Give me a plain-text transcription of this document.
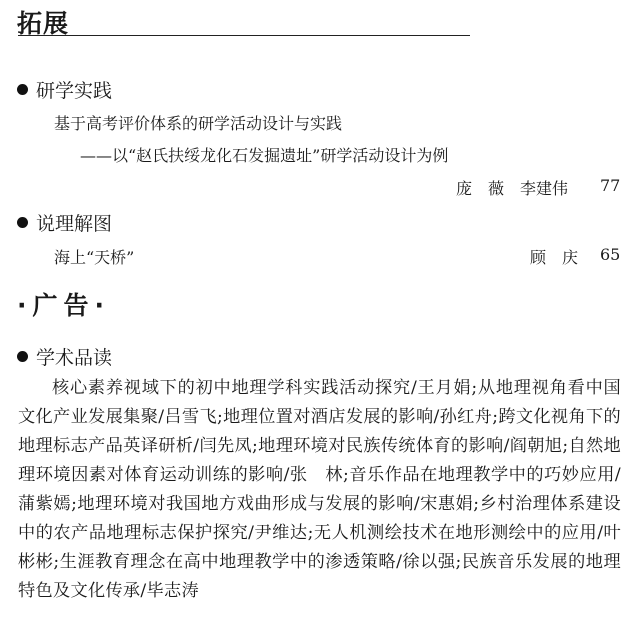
拓展
研学实践
基于高考评价体系的研学活动设计与实践
——以“赵氏扶绥龙化石发掘遗址”研学活动设计为例
庞　薇　李建伟 77
说理解图
海上“天桥”	顾　庆 65
·广告·
学术品读
核心素养视域下的初中地理学科实践活动探究/王月娟;从地理视角看中国文化产业发展集聚/吕雪飞;地理位置对酒店发展的影响/孙红舟;跨文化视角下的地理标志产品英译研析/闫先凤;地理环境对民族传统体育的影响/阎朝旭;自然地理环境因素对体育运动训练的影响/张　林;音乐作品在地理教学中的巧妙应用/蒲紫嫣;地理环境对我国地方戏曲形成与发展的影响/宋惠娟;乡村治理体系建设中的农产品地理标志保护探究/尹维达;无人机测绘技术在地形测绘中的应用/叶彬彬;生涯教育理念在高中地理教学中的渗透策略/徐以强;民族音乐发展的地理特色及文化传承/毕志涛
